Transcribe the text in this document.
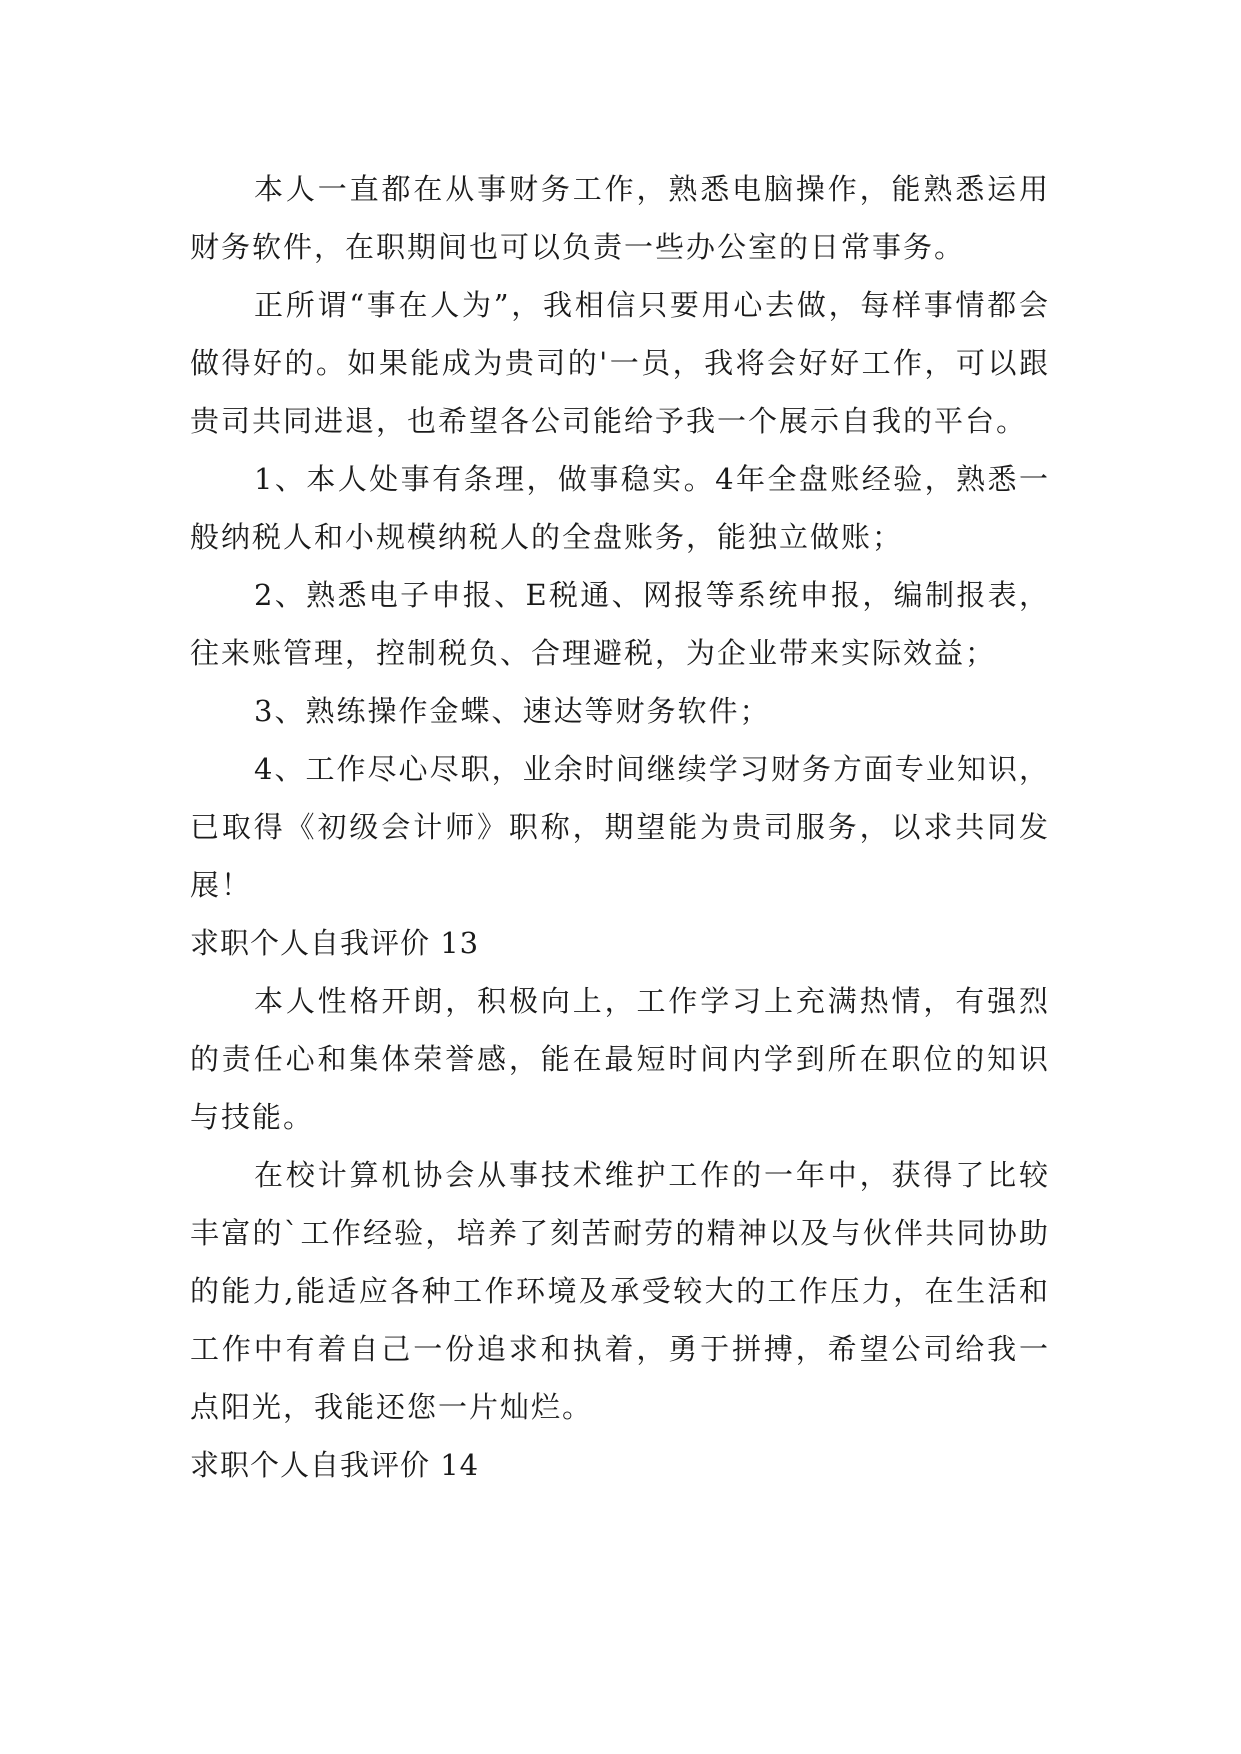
本人一直都在从事财务工作，熟悉电脑操作，能熟悉运用财务软件，在职期间也可以负责一些办公室的日常事务。

正所谓“事在人为”，我相信只要用心去做，每样事情都会做得好的。如果能成为贵司的'一员，我将会好好工作，可以跟贵司共同进退，也希望各公司能给予我一个展示自我的平台。

1、本人处事有条理，做事稳实。4年全盘账经验，熟悉一般纳税人和小规模纳税人的全盘账务，能独立做账；

2、熟悉电子申报、E税通、网报等系统申报，编制报表，往来账管理，控制税负、合理避税，为企业带来实际效益；

3、熟练操作金蝶、速达等财务软件；

4、工作尽心尽职，业余时间继续学习财务方面专业知识，已取得《初级会计师》职称，期望能为贵司服务，以求共同发展！

求职个人自我评价 13

本人性格开朗，积极向上，工作学习上充满热情，有强烈的责任心和集体荣誉感，能在最短时间内学到所在职位的知识与技能。

在校计算机协会从事技术维护工作的一年中，获得了比较丰富的`工作经验，培养了刻苦耐劳的精神以及与伙伴共同协助的能力,能适应各种工作环境及承受较大的工作压力，在生活和工作中有着自己一份追求和执着，勇于拼搏，希望公司给我一点阳光，我能还您一片灿烂。

求职个人自我评价 14
